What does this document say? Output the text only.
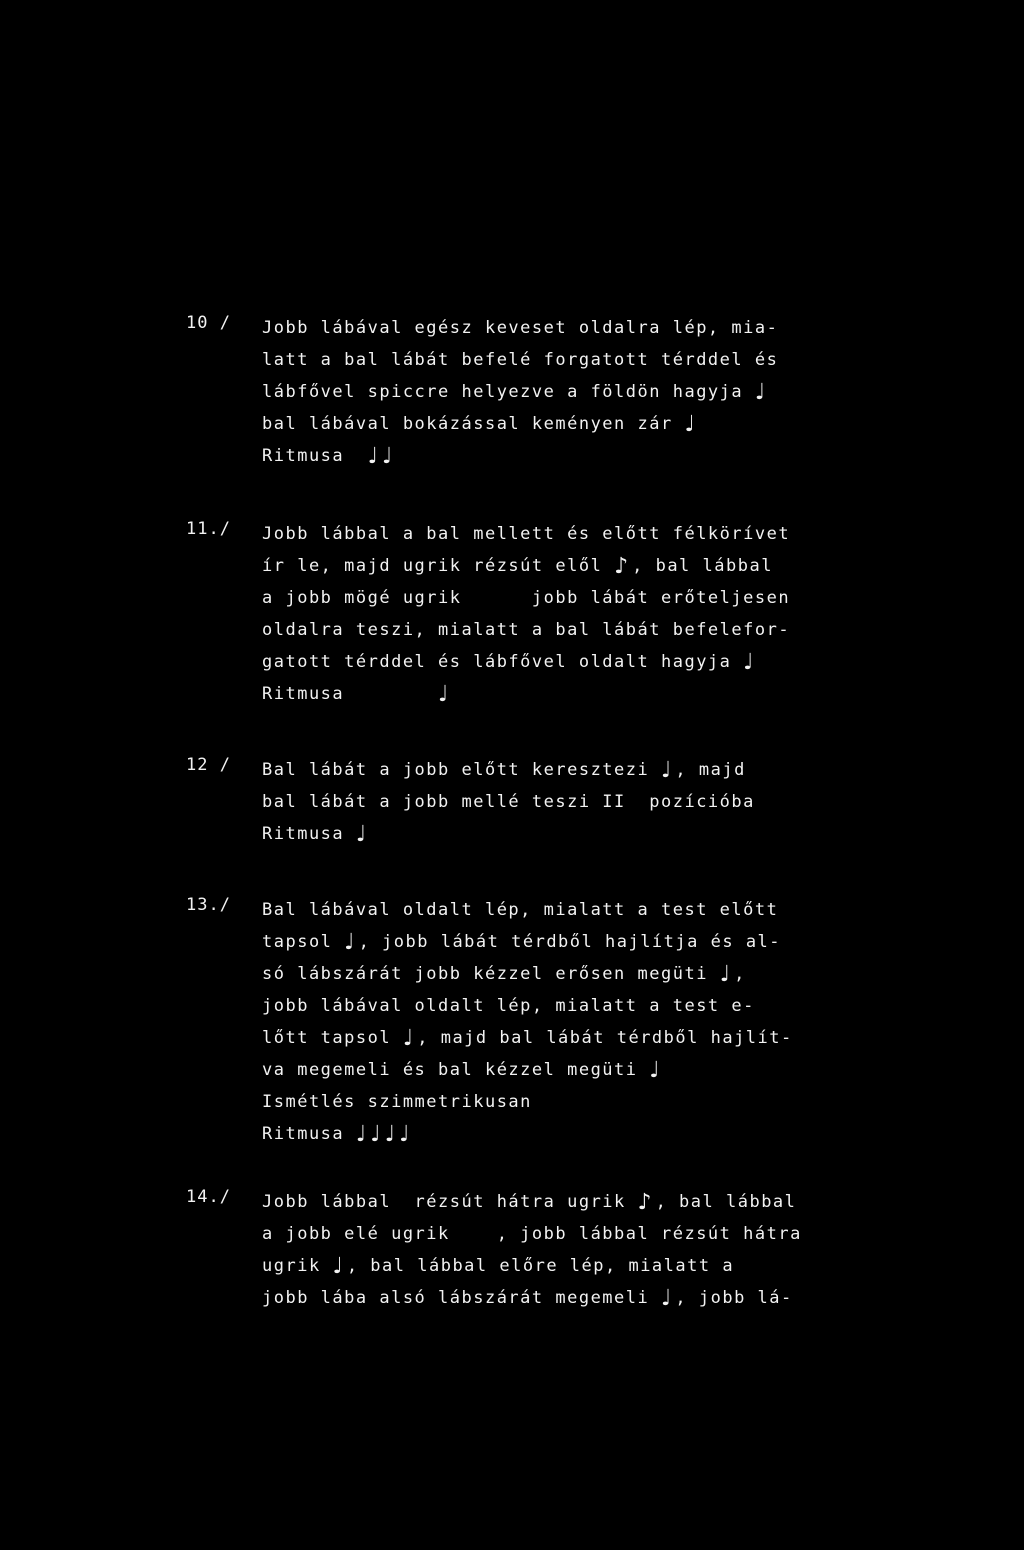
10 / Jobb lábával egész keveset oldalra lép, mia-
latt a bal lábát befelé forgatott térddel és
lábfővel spiccre helyezve a földön hagyja ♩
bal lábával bokázással keményen zár ♩
Ritmusa ♩♩
11./ Jobb lábbal a bal mellett és előtt félkörívet
ír le, majd ugrik rézsút elől ♪, bal lábbal
a jobb mögé ugrik      jobb lábát erőteljesen
oldalra teszi, mialatt a bal lábát befelefor-
gatott térddel és lábfővel oldalt hagyja ♩
Ritmusa	♩
12 / Bal lábát a jobb előtt keresztezi ♩, majd
bal lábát a jobb mellé teszi II  pozícióba
Ritmusa ♩
13./ Bal lábával oldalt lép, mialatt a test előtt
tapsol ♩, jobb lábát térdből hajlítja és al-
só lábszárát jobb kézzel erősen megüti ♩,
jobb lábával oldalt lép, mialatt a test e-
lőtt tapsol ♩, majd bal lábát térdből hajlít-
va megemeli és bal kézzel megüti ♩
Ismétlés szimmetrikusan
Ritmusa ♩♩♩♩
14./ Jobb lábbal  rézsút hátra ugrik ♪, bal lábbal
a jobb elé ugrik    , jobb lábbal rézsút hátra
ugrik ♩, bal lábbal előre lép, mialatt a
jobb lába alsó lábszárát megemeli ♩, jobb lá-
